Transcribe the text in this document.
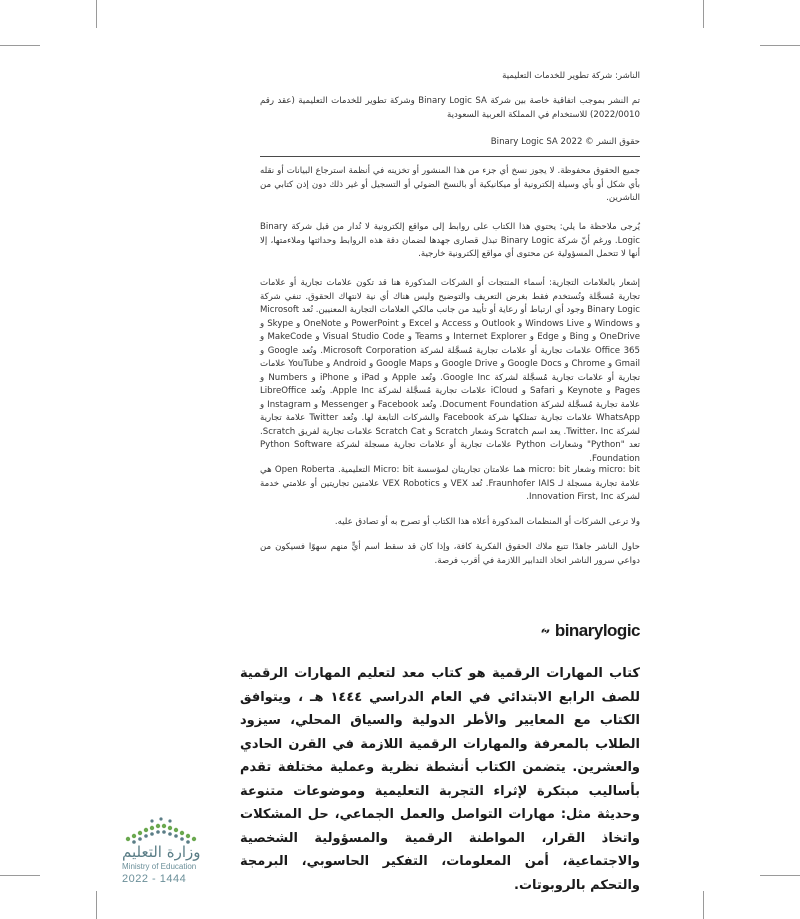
الناشر: شركة تطوير للخدمات التعليمية

تم النشر بموجب اتفاقية خاصة بين شركة Binary Logic SA وشركة تطوير للخدمات التعليمية (عقد رقم 2022/0010) للاستخدام في المملكة العربية السعودية

حقوق النشر © Binary Logic SA 2022

جميع الحقوق محفوظة. لا يجوز نسخ أي جزء من هذا المنشور أو تخزينه في أنظمة استرجاع البيانات أو نقله بأي شكل أو بأي وسيلة إلكترونية أو ميكانيكية أو بالنسخ الضوئي أو التسجيل أو غير ذلك دون إذن كتابي من الناشرين.

يُرجى ملاحظة ما يلي: يحتوي هذا الكتاب على روابط إلى مواقع إلكترونية لا تُدار من قبل شركة Binary Logic. ورغم أنّ شركة Binary Logic تبذل قصارى جهدها لضمان دقة هذه الروابط وحداثتها وملاءمتها، إلا أنها لا تتحمل المسؤولية عن محتوى أي مواقع إلكترونية خارجية.

إشعار بالعلامات التجارية: أسماء المنتجات أو الشركات المذكورة هنا قد تكون علامات تجارية أو علامات تجارية مُسجَّلة وتُستخدم فقط بغرض التعريف والتوضيح وليس هناك أي نية لانتهاك الحقوق. تنفي شركة Binary Logic وجود أي ارتباط أو رعاية أو تأييد من جانب مالكي العلامات التجارية المعنيين. تُعد Microsoft و Windows و Windows Live و Outlook و Access و Excel و PowerPoint و OneNote و Skype و OneDrive و Bing و Edge و Internet Explorer و Teams و Visual Studio Code و MakeCode و Office 365 علامات تجارية أو علامات تجارية مُسجَّلة لشركة Microsoft Corporation. وتُعد Google و Gmail و Chrome و Google Docs و Google Drive و Google Maps و Android و YouTube علامات تجارية أو علامات تجارية مُسجَّلة لشركة Google Inc. وتُعد Apple و iPad و iPhone و Numbers و Pages و Keynote و Safari و iCloud علامات تجارية مُسجَّلة لشركة Apple Inc. وتُعد LibreOffice علامة تجارية مُسجَّلة لشركة Document Foundation. وتُعد Facebook و Messenger و Instagram و WhatsApp علامات تجارية تمتلكها شركة Facebook والشركات التابعة لها. وتُعد Twitter علامة تجارية لشركة Twitter، Inc. يعد اسم Scratch وشعار Scratch و Scratch Cat علامات تجارية لفريق Scratch. تعد "Python" وشعارات Python علامات تجارية أو علامات تجارية مسجلة لشركة Python Software Foundation.

micro: bit وشعار micro: bit هما علامتان تجاريتان لمؤسسة Micro: bit التعليمية. Open Roberta هي علامة تجارية مسجلة لـ Fraunhofer IAIS. تُعد VEX و VEX Robotics علامتين تجاريتين أو علامتي خدمة لشركة Innovation First, Inc.

ولا ترعى الشركات أو المنظمات المذكورة أعلاه هذا الكتاب أو تصرح به أو تصادق عليه.

حاول الناشر جاهدًا تتبع ملاك الحقوق الفكرية كافة، وإذا كان قد سقط اسم أيٍّ منهم سهوًا فسيكون من دواعي سرور الناشر اتخاذ التدابير اللازمة في أقرب فرصة.

binarylogic

كتاب المهارات الرقمية هو كتاب معد لتعليم المهارات الرقمية للصف الرابع الابتدائي في العام الدراسي ١٤٤٤ هـ ، ويتوافق الكتاب مع المعايير والأطر الدولية والسياق المحلي، سيزود الطلاب بالمعرفة والمهارات الرقمية اللازمة في القرن الحادي والعشرين. يتضمن الكتاب أنشطة نظرية وعملية مختلفة تقدم بأساليب مبتكرة لإثراء التجربة التعليمية وموضوعات متنوعة وحديثة مثل: مهارات التواصل والعمل الجماعي، حل المشكلات واتخاذ القرار، المواطنة الرقمية والمسؤولية الشخصية والاجتماعية، أمن المعلومات، التفكير الحاسوبي، البرمجة والتحكم بالروبوتات.

وزارة التعليم
Ministry of Education
2022 - 1444
